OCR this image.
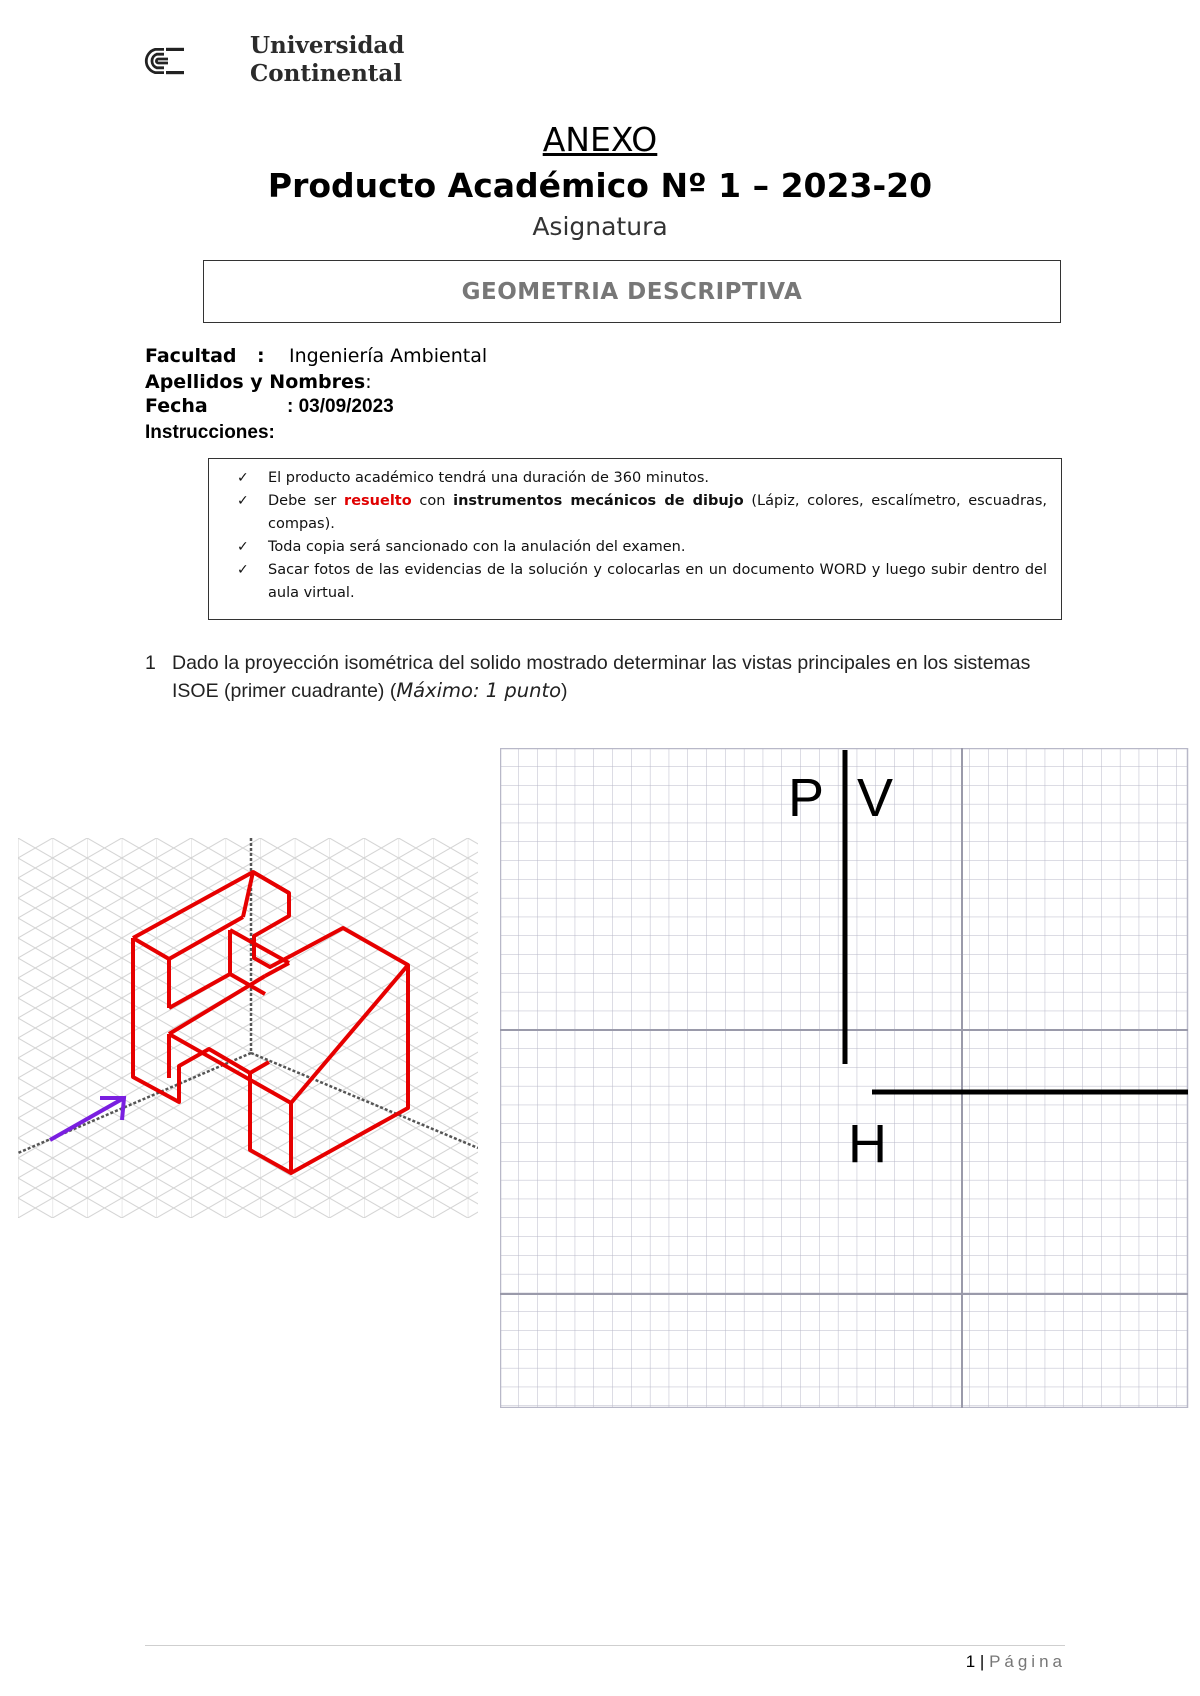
Universidad
Continental
ANEXO
Producto Académico Nº 1 – 2023-20
Asignatura
GEOMETRIA DESCRIPTIVA
Facultad : Ingeniería Ambiental
Apellidos y Nombres:
Fecha	: 03/09/2023
Instrucciones:
✓ El producto académico tendrá una duración de 360 minutos.
✓ Debe ser resuelto con instrumentos mecánicos de dibujo (Lápiz, colores, escalímetro, escuadras, compas).
✓ Toda copia será sancionado con la anulación del examen.
✓ Sacar fotos de las evidencias de la solución y colocarlas en un documento WORD y luego subir dentro del aula virtual.
1 Dado la proyección isométrica del solido mostrado determinar las vistas principales en los sistemas ISOE (primer cuadrante) (Máximo: 1 punto)
P V
H
1 | Página
